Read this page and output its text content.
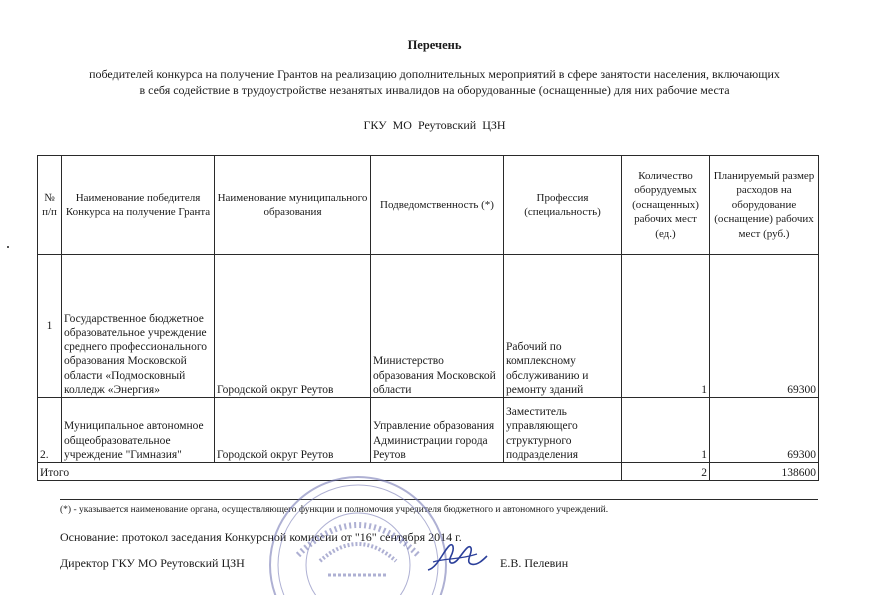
Перечень
победителей конкурса на получение Грантов на реализацию дополнительных мероприятий в сфере занятости населения, включающих
в себя содействие в трудоустройстве незанятых инвалидов на оборудованные (оснащенные) для них рабочие места
ГКУ МО Реутовский ЦЗН
№ п/п	Наименование победителя Конкурса на получение Гранта	Наименование муниципального образования	Подведомственность (*)	Профессия (специальность)	Количество оборудуемых (оснащенных) рабочих мест (ед.)	Планируемый размер расходов на оборудование (оснащение) рабочих мест (руб.)
1	Государственное бюджетное образовательное учреждение среднего профессионального образования Московской области «Подмосковный колледж «Энергия»	Городской округ Реутов	Министерство образования Московской области	Рабочий по комплексному обслуживанию и ремонту зданий	1	69300
2.	Муниципальное автономное общеобразовательное учреждение "Гимназия"	Городской округ Реутов	Управление образования Администрации города Реутов	Заместитель управляющего структурного подразделения	1	69300
Итого					2	138600
(*) - указывается наименование органа, осуществляющего функции и полномочия учредителя бюджетного и автономного учреждений.
Основание: протокол заседания Конкурсной комиссии от "16" сентября 2014 г.
Директор ГКУ МО Реутовский ЦЗН	Е.В. Пелевин
